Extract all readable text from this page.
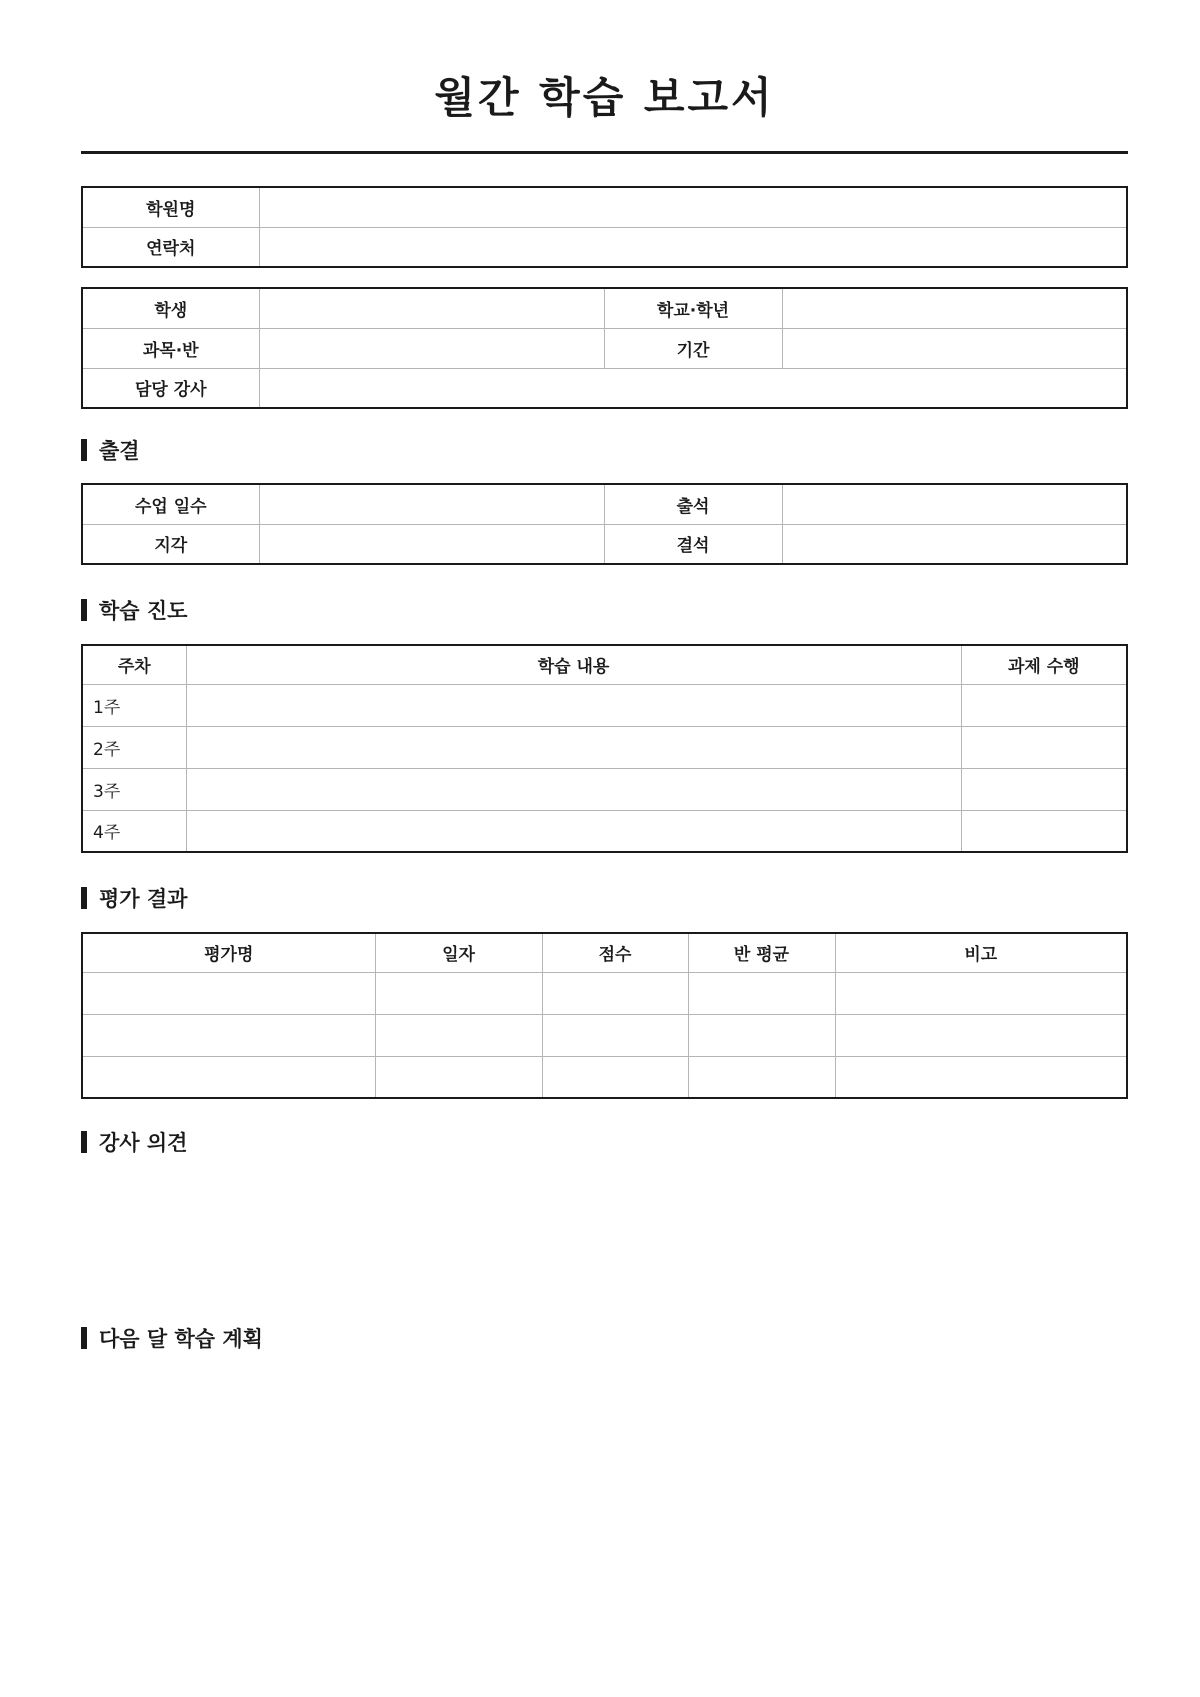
월간 학습 보고서
학원명	
연락처	
학생		학교·학년	
과목·반		기간	
담당 강사			
출결
수업 일수		출석	
지각		결석	
학습 진도
주차	학습 내용	과제 수행
1주		
2주		
3주		
4주		
평가 결과
평가명	일자	점수	반 평균	비고

강사 의견
다음 달 학습 계획
